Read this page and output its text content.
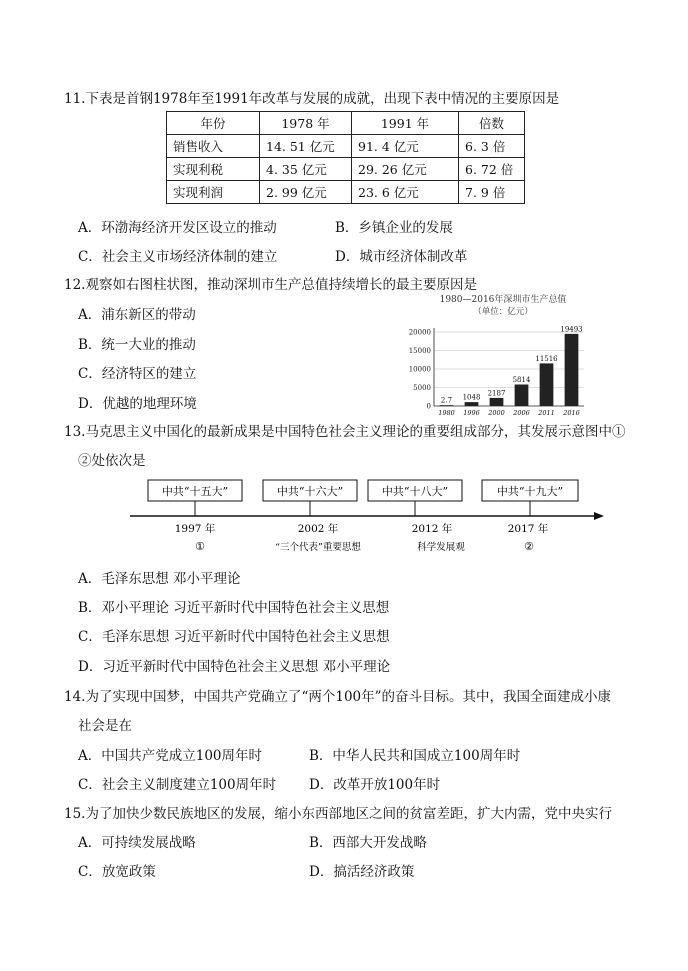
11.下表是首钢1978年至1991年改革与发展的成就，出现下表中情况的主要原因是
年份	1978 年	1991 年	倍数
销售收入	14. 51 亿元	91. 4 亿元	6. 3 倍
实现利税	4. 35 亿元	29. 26 亿元	6. 72 倍
实现利润	2. 99 亿元	23. 6 亿元	7. 9 倍
A．环渤海经济开发区设立的推动	B．乡镇企业的发展
C．社会主义市场经济体制的建立	D．城市经济体制改革
12.观察如右图柱状图，推动深圳市生产总值持续增长的最主要原因是
A．浦东新区的带动
B．统一大业的推动
C．经济特区的建立
D．优越的地理环境
1980—2016年深圳市生产总值
（单位：亿元）
0
5000
10000
15000
20000
2.7 1048
2187
5814
11516
19493
1980 1996 2000 2006 2011 2016
13.马克思主义中国化的最新成果是中国特色社会主义理论的重要组成部分，其发展示意图中①
②处依次是
中共“十五大”
1997 年
①
中共“十六大”
2002 年
“三个代表”重要思想
中共“十八大”
2012 年
科学发展观
中共“十九大”
2017 年
②
A．毛泽东思想 邓小平理论
B．邓小平理论 习近平新时代中国特色社会主义思想
C．毛泽东思想 习近平新时代中国特色社会主义思想
D．习近平新时代中国特色社会主义思想 邓小平理论
14.为了实现中国梦，中国共产党确立了“两个100年”的奋斗目标。其中，我国全面建成小康
社会是在
A．中国共产党成立100周年时	B．中华人民共和国成立100周年时
C．社会主义制度建立100周年时 D．改革开放100年时
15.为了加快少数民族地区的发展，缩小东西部地区之间的贫富差距，扩大内需，党中央实行
A．可持续发展战略	B．西部大开发战略
C．放宽政策	D．搞活经济政策
